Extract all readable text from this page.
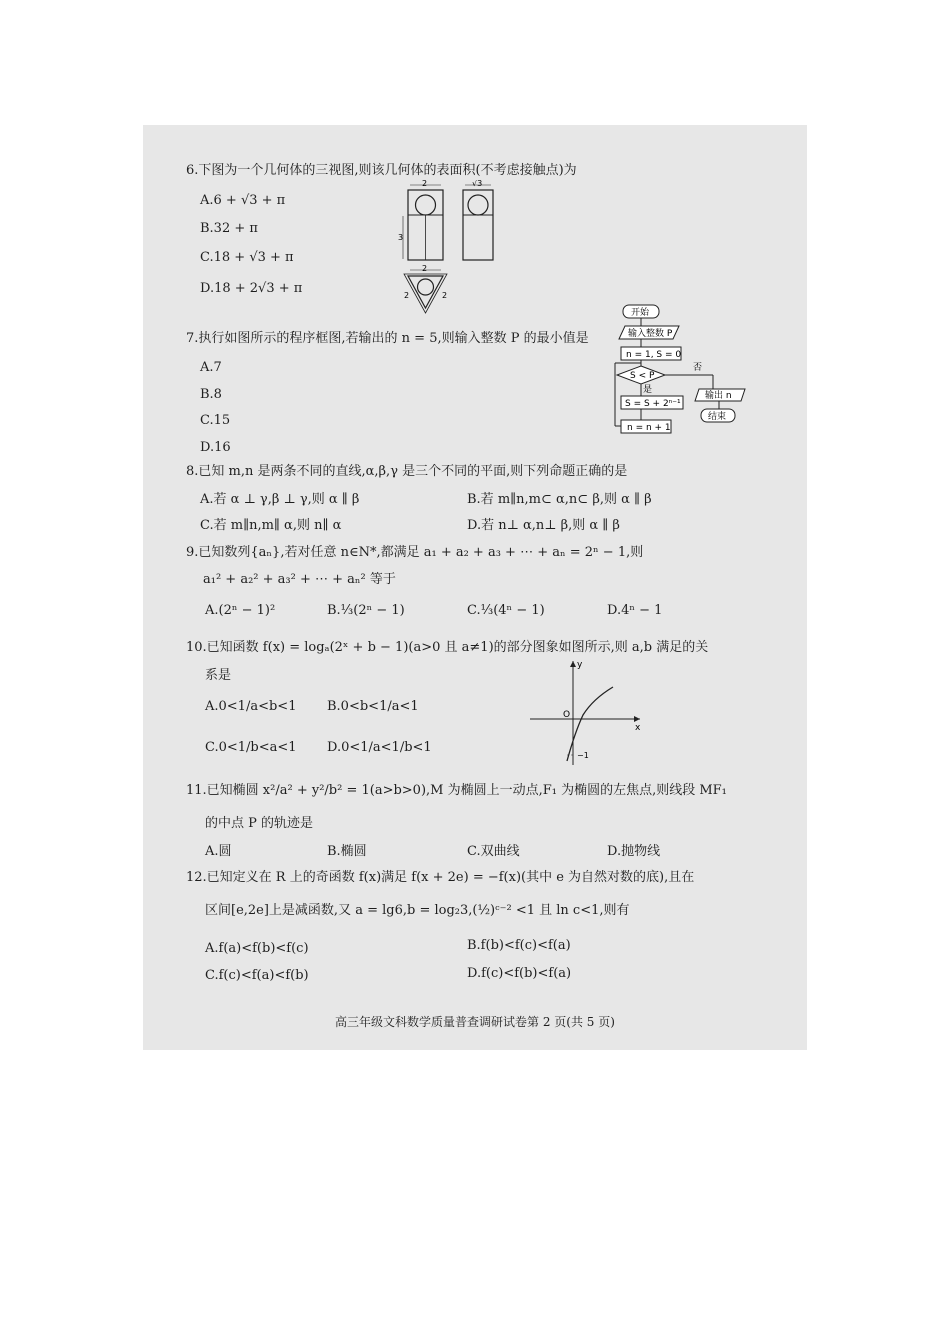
6.下图为一个几何体的三视图,则该几何体的表面积(不考虑接触点)为
A.6 + √3 + π
B.32 + π
C.18 + √3 + π
D.18 + 2√3 + π
2
3
√3
2
2	2
7.执行如图所示的程序框图,若输出的 n = 5,则输入整数 P 的最小值是
A.7
B.8
C.15
D.16
开始
输入整数 P
n = 1, S = 0
S < P
否
是
S = S + 2ⁿ⁻¹
n = n + 1
输出 n
结束
8.已知 m,n 是两条不同的直线,α,β,γ 是三个不同的平面,则下列命题正确的是
A.若 α ⊥ γ,β ⊥ γ,则 α ∥ β	B.若 m∥n,m⊂ α,n⊂ β,则 α ∥ β
C.若 m∥n,m∥ α,则 n∥ α	D.若 n⊥ α,n⊥ β,则 α ∥ β
9.已知数列{aₙ},若对任意 n∈N*,都满足 a₁ + a₂ + a₃ + ⋯ + aₙ = 2ⁿ − 1,则
a₁² + a₂² + a₃² + ⋯ + aₙ² 等于
A.(2ⁿ − 1)²	B.⅓(2ⁿ − 1)	C.⅓(4ⁿ − 1)	D.4ⁿ − 1
10.已知函数 f(x) = logₐ(2ˣ + b − 1)(a>0 且 a≠1)的部分图象如图所示,则 a,b 满足的关
系是
A.0<1/a<b<1 B.0<b<1/a<1
C.0<1/b<a<1 D.0<1/a<1/b<1
y
x
O
−1
11.已知椭圆 x²/a² + y²/b² = 1(a>b>0),M 为椭圆上一动点,F₁ 为椭圆的左焦点,则线段 MF₁
的中点 P 的轨迹是
A.圆	B.椭圆	C.双曲线	D.抛物线
12.已知定义在 R 上的奇函数 f(x)满足 f(x + 2e) = −f(x)(其中 e 为自然对数的底),且在
区间[e,2e]上是减函数,又 a = lg6,b = log₂3,(½)ᶜ⁻² <1 且 ln c<1,则有
A.f(a)<f(b)<f(c)	B.f(b)<f(c)<f(a)
C.f(c)<f(a)<f(b)	D.f(c)<f(b)<f(a)
高三年级文科数学质量普查调研试卷第 2 页(共 5 页)
